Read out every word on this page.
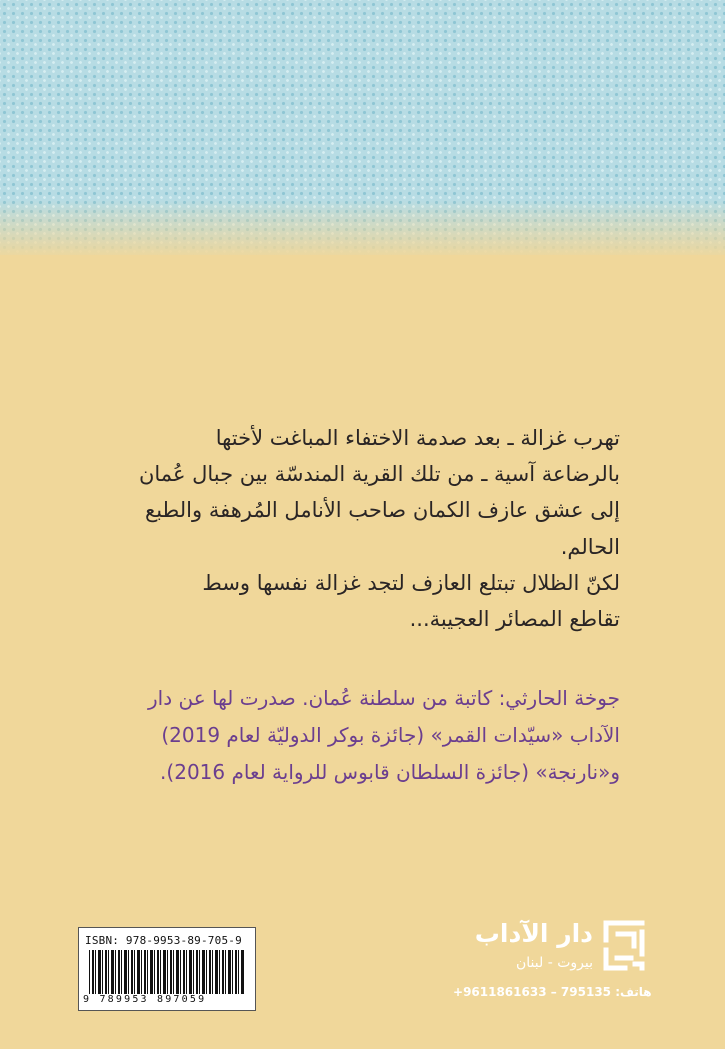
تهرب غزالة ـ بعد صدمة الاختفاء المباغت لأختها

بالرضاعة آسية ـ من تلك القرية المندسّة بين جبال عُمان

إلى عشق عازف الكمان صاحب الأنامل المُرهفة والطبع

الحالم.

لكنّ الظلال تبتلع العازف لتجد غزالة نفسها وسط

تقاطع المصائر العجيبة...

جوخة الحارثي: كاتبة من سلطنة عُمان. صدرت لها عن دار

الآداب «سيّدات القمر» (جائزة بوكر الدوليّة لعام 2019)

و«نارنجة» (جائزة السلطان قابوس للرواية لعام 2016).

ISBN: 978-9953-89-705-9
9 789953 897059
دار الآداب
بيروت - لبنان
هاتف: 795135 – 9611861633+
